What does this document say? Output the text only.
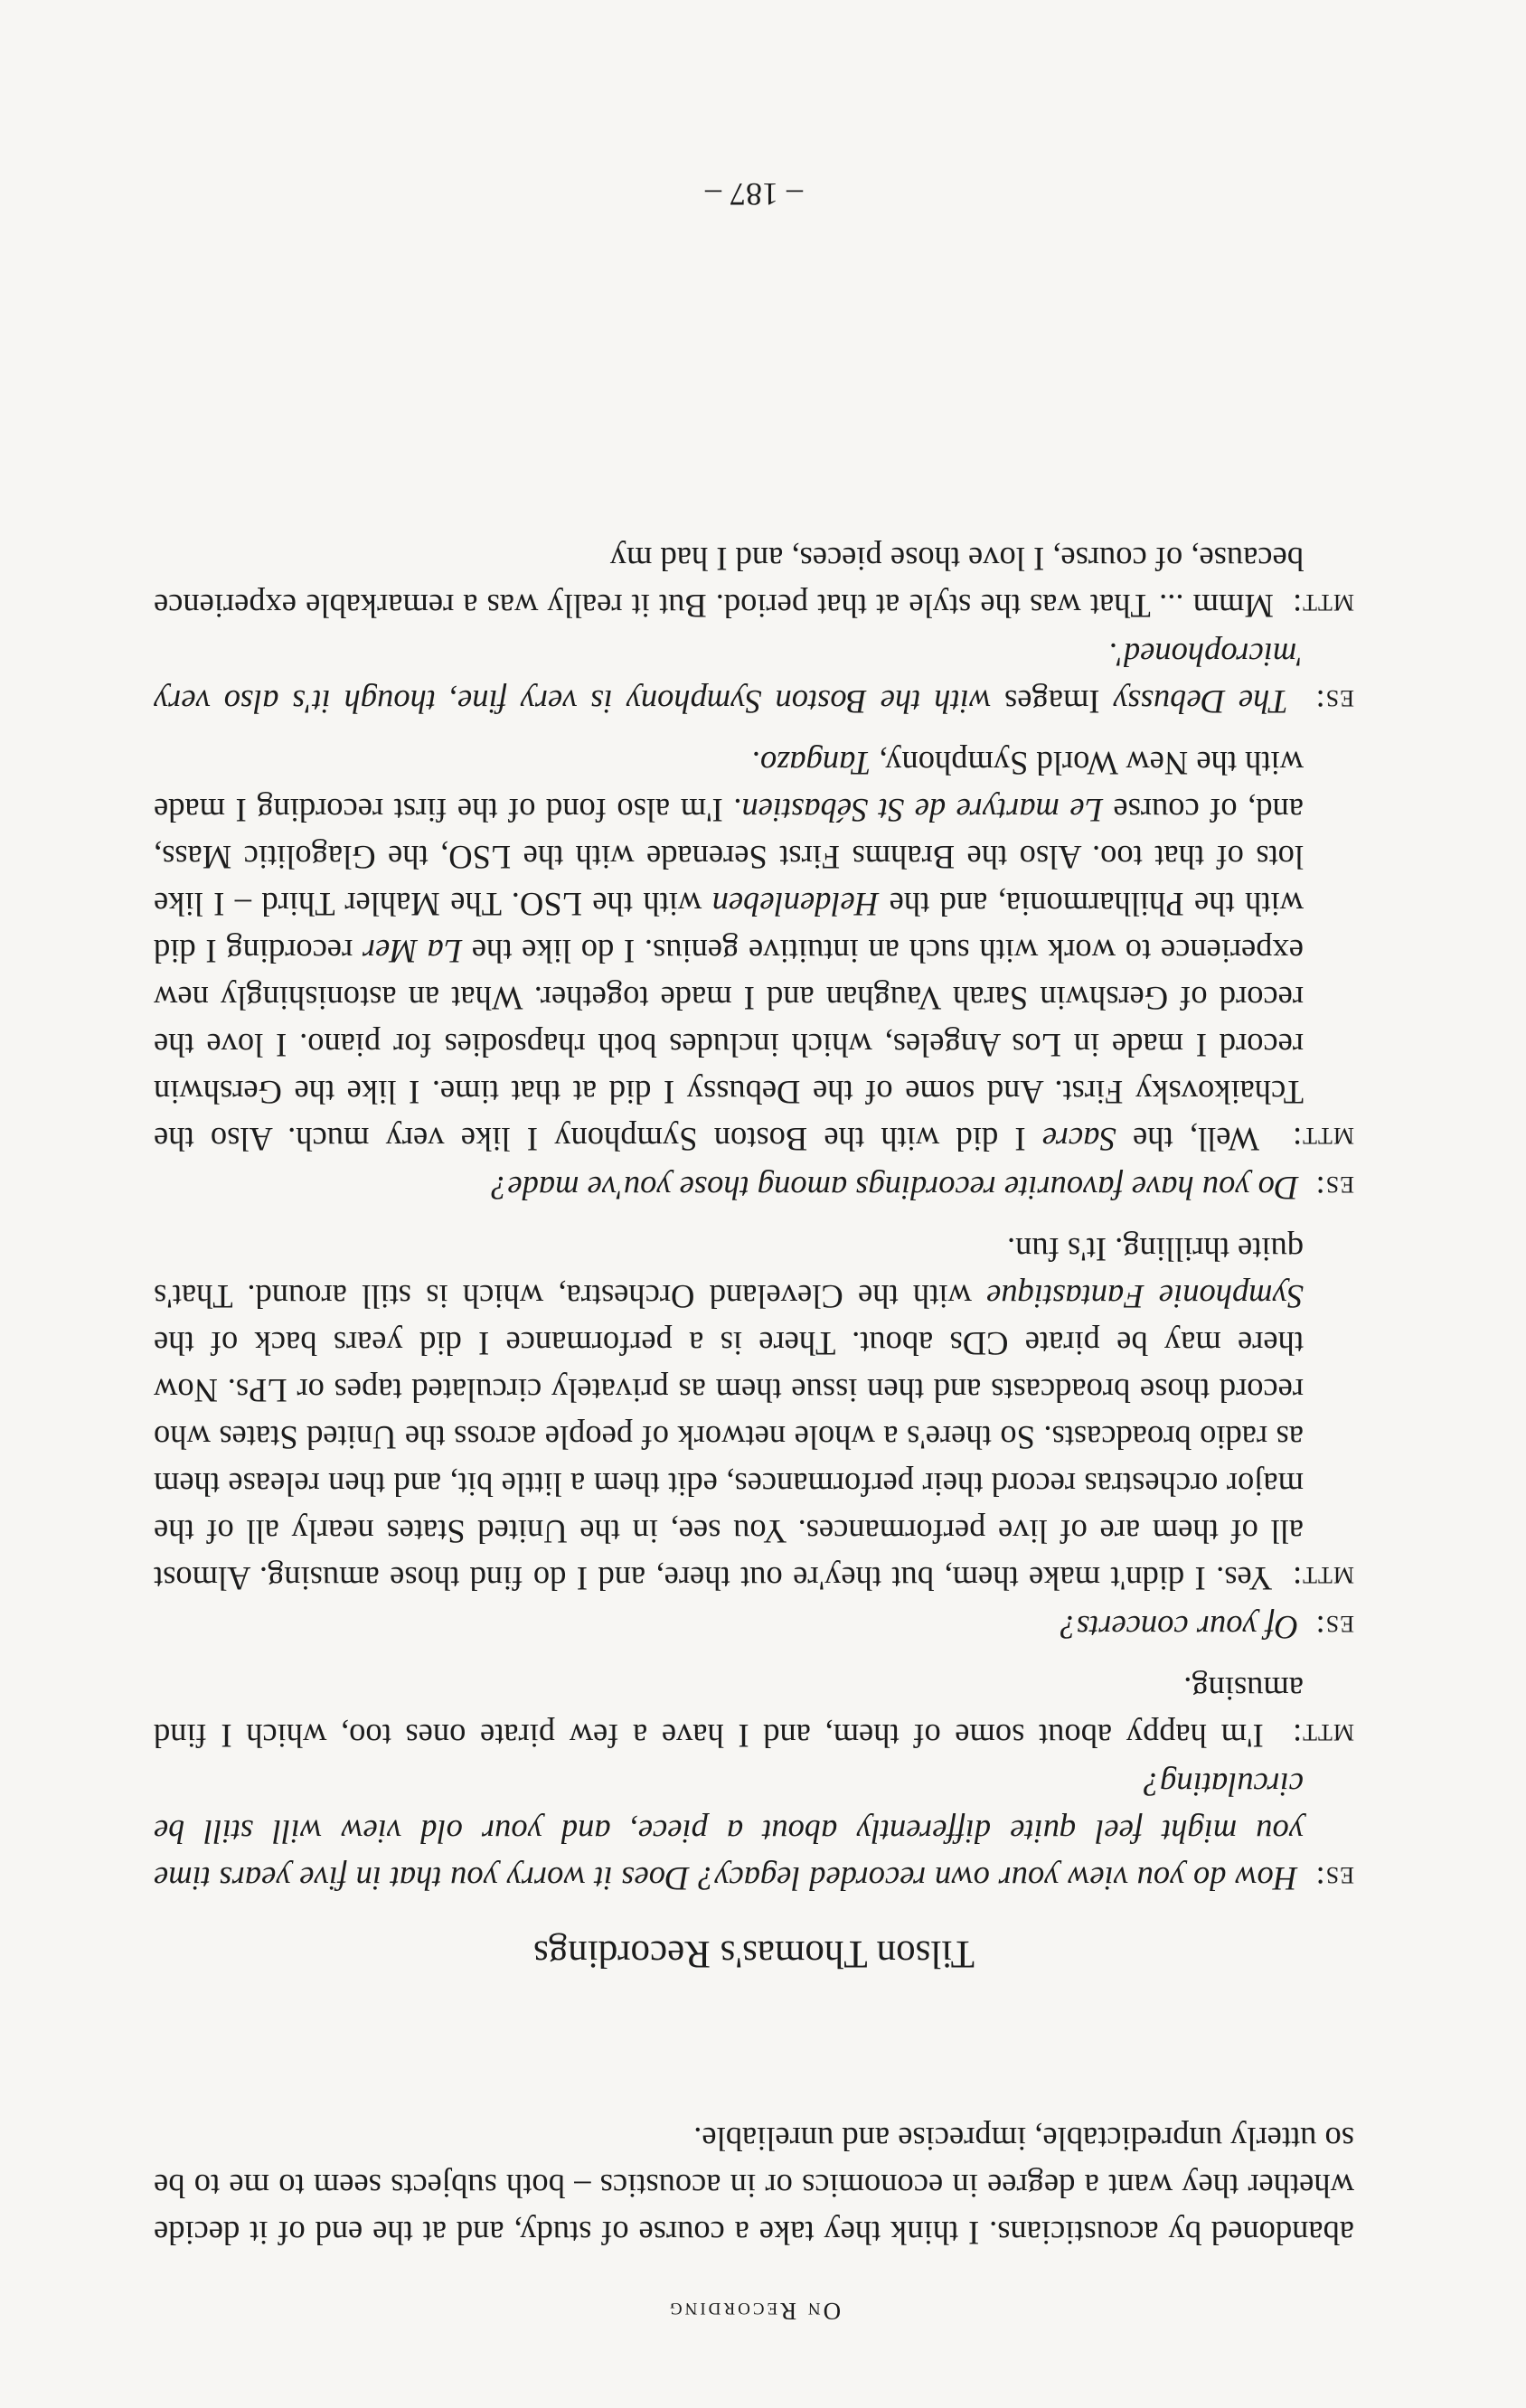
On Recording
abandoned by acousticians. I think they take a course of study, and at the end of it decide whether they want a degree in economics or in acoustics – both subjects seem to me to be so utterly unpredictable, imprecise and unreliable.
Tilson Thomas's Recordings

es:  How do you view your own recorded legacy? Does it worry you that in five years time you might feel quite differently about a piece, and your old view will still be circulating?

mtt:  I'm happy about some of them, and I have a few pirate ones too, which I find amusing.

es:  Of your concerts?

mtt:  Yes. I didn't make them, but they're out there, and I do find those amusing. Almost all of them are of live performances. You see, in the United States nearly all of the major orchestras record their performances, edit them a little bit, and then release them as radio broadcasts. So there's a whole network of people across the United States who record those broadcasts and then issue them as privately circulated tapes or LPs. Now there may be pirate CDs about. There is a performance I did years back of the Symphonie Fantastique with the Cleveland Orchestra, which is still around. That's quite thrilling. It's fun.

es:  Do you have favourite recordings among those you've made?

mtt:  Well, the Sacre I did with the Boston Symphony I like very much. Also the Tchaikovsky First. And some of the Debussy I did at that time. I like the Gershwin record I made in Los Angeles, which includes both rhapsodies for piano. I love the record of Gershwin Sarah Vaughan and I made together. What an astonishingly new experience to work with such an intuitive genius. I do like the La Mer recording I did with the Philharmonia, and the Heldenleben with the LSO. The Mahler Third – I like lots of that too. Also the Brahms First Serenade with the LSO, the Glagolitic Mass, and, of course Le martyre de St Sébastien. I'm also fond of the first recording I made with the New World Symphony, Tangazo.

es:  The Debussy Images with the Boston Symphony is very fine, though it's also very 'microphoned'.

mtt:  Mmm ... That was the style at that period. But it really was a remarkable experience because, of course, I love those pieces, and I had my

– 187 –
